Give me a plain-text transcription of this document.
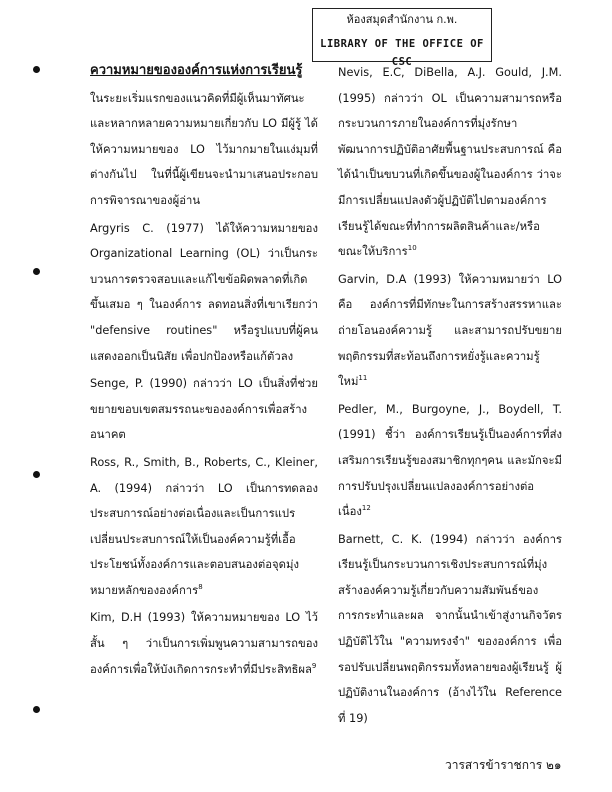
ห้องสมุดสำนักงาน ก.พ.
LIBRARY OF THE OFFICE OF CSC
ความหมายขององค์การแห่งการเรียนรู้

ในระยะเริ่มแรกของแนวคิดที่มีผู้เห็นมาทัศนะและหลากหลายความหมายเกี่ยวกับ LO มีผู้รู้ ได้ให้ความหมายของ LO ไว้มากมายในแง่มุมที่ต่างกันไป ในที่นี้ผู้เขียนจะนำมาเสนอประกอบการพิจารณาของผู้อ่าน

Argyris C. (1977) ได้ให้ความหมายของ Organizational Learning (OL) ว่าเป็นกระบวนการตรวจสอบและแก้ไขข้อผิดพลาดที่เกิดขึ้นเสมอ ๆ ในองค์การ ลดทอนสิ่งที่เขาเรียกว่า "defensive routines" หรือรูปแบบที่ผู้คนแสดงออกเป็นนิสัย เพื่อปกป้องหรือแก้ตัวลง

Senge, P. (1990) กล่าวว่า LO เป็นสิ่งที่ช่วยขยายขอบเขตสมรรถนะขององค์การเพื่อสร้างอนาคต

Ross, R., Smith, B., Roberts, C., Kleiner, A. (1994) กล่าวว่า LO เป็นการทดลองประสบการณ์อย่างต่อเนื่องและเป็นการแปรเปลี่ยนประสบการณ์ให้เป็นองค์ความรู้ที่เอื้อประโยชน์ทั้งองค์การและตอบสนองต่อจุดมุ่งหมายหลักขององค์การ$^8$

Kim, D.H (1993) ให้ความหมายของ LO ไว้สั้น ๆ ว่าเป็นการเพิ่มพูนความสามารถขององค์การเพื่อให้บังเกิดการกระทำที่มีประสิทธิผล$^9$

Nevis, E.C, DiBella, A.J. Gould, J.M. (1995) กล่าวว่า OL เป็นความสามารถหรือกระบวนการภายในองค์การที่มุ่งรักษาพัฒนาการปฏิบัติอาศัยพื้นฐานประสบการณ์ คือได้นำเป็นขบวนที่เกิดขึ้นของผู้ในองค์การ ว่าจะมีการเปลี่ยนแปลงตัวผู้ปฏิบัติไปตามองค์การ เรียนรู้ได้ขณะที่ทำการผลิตสินค้าและ/หรือขณะให้บริการ$^{10}$

Garvin, D.A (1993) ให้ความหมายว่า LO คือ องค์การที่มีทักษะในการสร้างสรรหาและถ่ายโอนองค์ความรู้ และสามารถปรับขยายพฤติกรรมที่สะท้อนถึงการหยั่งรู้และความรู้ใหม่$^{11}$

Pedler, M., Burgoyne, J., Boydell, T. (1991) ชี้ว่า องค์การเรียนรู้เป็นองค์การที่ส่งเสริมการเรียนรู้ของสมาชิกทุกๆคน และมักจะมีการปรับปรุงเปลี่ยนแปลงองค์การอย่างต่อเนื่อง$^{12}$

Barnett, C. K. (1994) กล่าวว่า องค์การเรียนรู้เป็นกระบวนการเชิงประสบการณ์ที่มุ่งสร้างองค์ความรู้เกี่ยวกับความสัมพันธ์ของการกระทำและผล จากนั้นนำเข้าสู่งานกิจวัตรปฏิบัติไว้ใน "ความทรงจำ" ขององค์การ เพื่อรอปรับเปลี่ยนพฤติกรรมทั้งหลายของผู้เรียนรู้ ผู้ปฏิบัติงานในองค์การ (อ้างไว้ใน Reference ที่ 19)

วารสารข้าราชการ ๒๑
